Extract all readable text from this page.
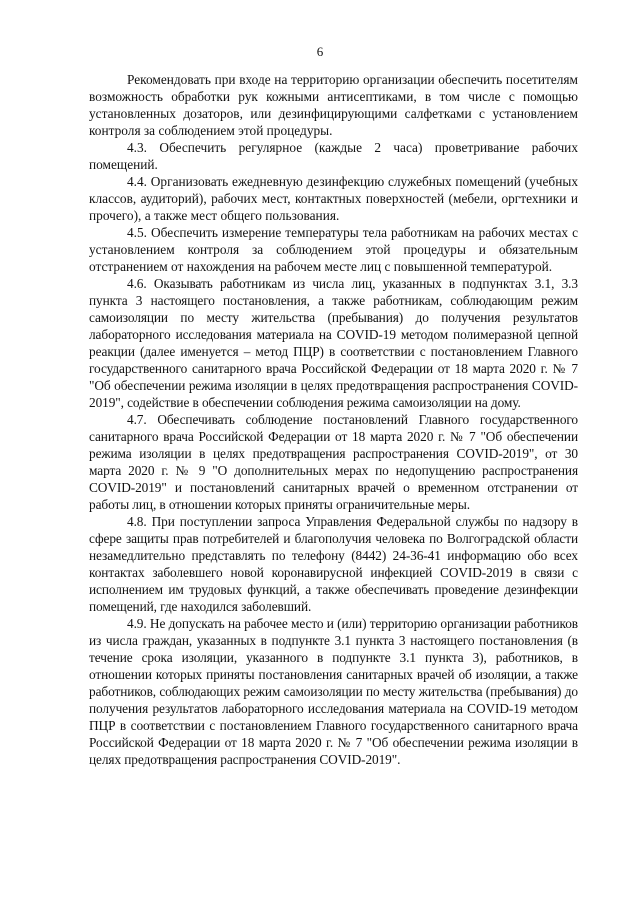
6

Рекомендовать при входе на территорию организации обеспечить посетителям возможность обработки рук кожными антисептиками, в том числе с помощью установленных дозаторов, или дезинфицирующими салфетками с установлением контроля за соблюдением этой процедуры.

4.3. Обеспечить регулярное (каждые 2 часа) проветривание рабочих помещений.

4.4. Организовать ежедневную дезинфекцию служебных помещений (учебных классов, аудиторий), рабочих мест, контактных поверхностей (мебели, оргтехники и прочего), а также мест общего пользования.

4.5. Обеспечить измерение температуры тела работникам на рабочих местах с установлением контроля за соблюдением этой процедуры и обязательным отстранением от нахождения на рабочем месте лиц с повышенной температурой.

4.6. Оказывать работникам из числа лиц, указанных в подпунктах 3.1, 3.3 пункта 3 настоящего постановления, а также работникам, соблюдающим режим самоизоляции по месту жительства (пребывания) до получения результатов лабораторного исследования материала на COVID-19 методом полимеразной цепной реакции (далее именуется – метод ПЦР) в соответствии с постановлением Главного государственного санитарного врача Российской Федерации от 18 марта 2020 г. № 7 "Об обеспечении режима изоляции в целях предотвращения распространения COVID-2019", содействие в обеспечении соблюдения режима самоизоляции на дому.

4.7. Обеспечивать соблюдение постановлений Главного государственного санитарного врача Российской Федерации от 18 марта 2020 г. № 7 "Об обеспечении режима изоляции в целях предотвращения распространения COVID-2019", от 30 марта 2020 г. № 9 "О дополнительных мерах по недопущению распространения COVID-2019" и постановлений санитарных врачей о временном отстранении от работы лиц, в отношении которых приняты ограничительные меры.

4.8. При поступлении запроса Управления Федеральной службы по надзору в сфере защиты прав потребителей и благополучия человека по Волгоградской области незамедлительно представлять по телефону (8442) 24-36-41 информацию обо всех контактах заболевшего новой коронавирусной инфекцией COVID-2019 в связи с исполнением им трудовых функций, а также обеспечивать проведение дезинфекции помещений, где находился заболевший.

4.9. Не допускать на рабочее место и (или) территорию организации работников из числа граждан, указанных в подпункте 3.1 пункта 3 настоящего постановления (в течение срока изоляции, указанного в подпункте 3.1 пункта 3), работников, в отношении которых приняты постановления санитарных врачей об изоляции, а также работников, соблюдающих режим самоизоляции по месту жительства (пребывания) до получения результатов лабораторного исследования материала на COVID-19 методом ПЦР в соответствии с постановлением Главного государственного санитарного врача Российской Федерации от 18 марта 2020 г. № 7 "Об обеспечении режима изоляции в целях предотвращения распространения COVID-2019".
